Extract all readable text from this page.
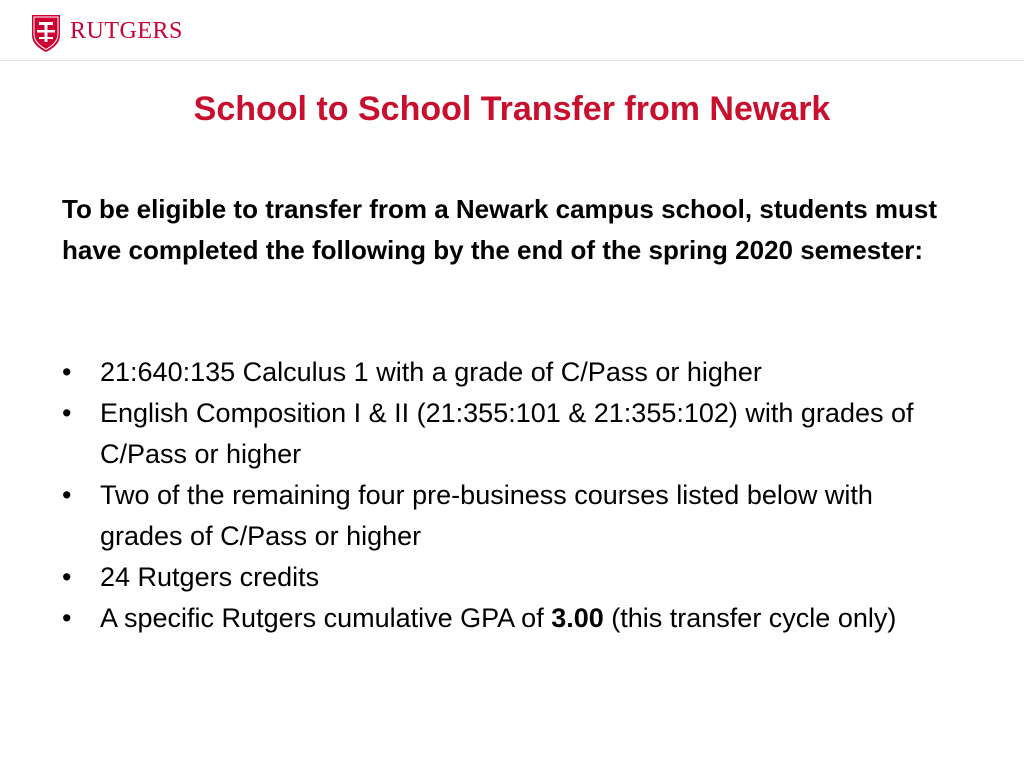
RUTGERS
School to School Transfer from Newark
To be eligible to transfer from a Newark campus school, students must have completed the following by the end of the spring 2020 semester:
•	21:640:135 Calculus 1 with a grade of C/Pass or higher
•	English Composition I & II (21:355:101 & 21:355:102) with grades of C/Pass or higher
•	Two of the remaining four pre-business courses listed below with grades of C/Pass or higher
•	24 Rutgers credits
•	A specific Rutgers cumulative GPA of 3.00 (this transfer cycle only)
